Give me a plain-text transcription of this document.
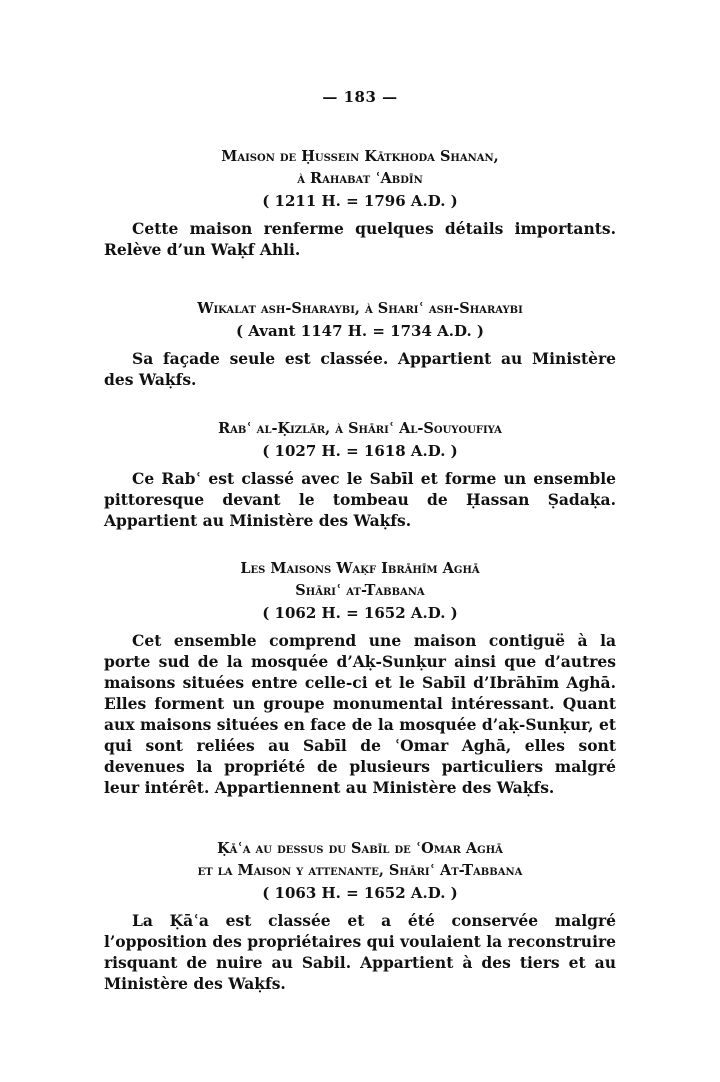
— 183 —

Maison de Ḥussein Kātkhoda Shanan,

à Rahabat ʿAbdīn

( 1211 H. = 1796 A.D. )

Cette maison renferme quelques détails importants. Relève d’un Waḳf Ahli.

Wikalat ash-Sharaybi, à Shariʿ ash-Sharaybi

( Avant 1147 H. = 1734 A.D. )

Sa façade seule est classée. Appartient au Ministère des Waḳfs.

Rabʿ al-Ḳizlār, à Shāriʿ Al-Souyoufiya

( 1027 H. = 1618 A.D. )

Ce Rabʿ est classé avec le Sabīl et forme un ensemble pittoresque devant le tombeau de Ḥassan Ṣadaḳa. Appartient au Ministère des Waḳfs.

Les Maisons Waḳf Ibrāhīm Aghā

Shāriʿ at-Tabbana

( 1062 H. = 1652 A.D. )

Cet ensemble comprend une maison contiguë à la porte sud de la mosquée d’Aḳ-Sunḳur ainsi que d’autres maisons situées entre celle-ci et le Sabīl d’Ibrāhīm Aghā. Elles forment un groupe monumental intéressant. Quant aux maisons situées en face de la mosquée d’aḳ-Sunḳur, et qui sont reliées au Sabīl de ʿOmar Aghā, elles sont devenues la propriété de plusieurs particuliers malgré leur intérêt. Appartiennent au Ministère des Waḳfs.

Ḳāʿa au dessus du Sabīl de ʿOmar Aghā

et la Maison y attenante, Shāriʿ At-Tabbana

( 1063 H. = 1652 A.D. )

La Ḳāʿa est classée et a été conservée malgré l’opposition des propriétaires qui voulaient la reconstruire risquant de nuire au Sabil. Appartient à des tiers et au Ministère des Waḳfs.
